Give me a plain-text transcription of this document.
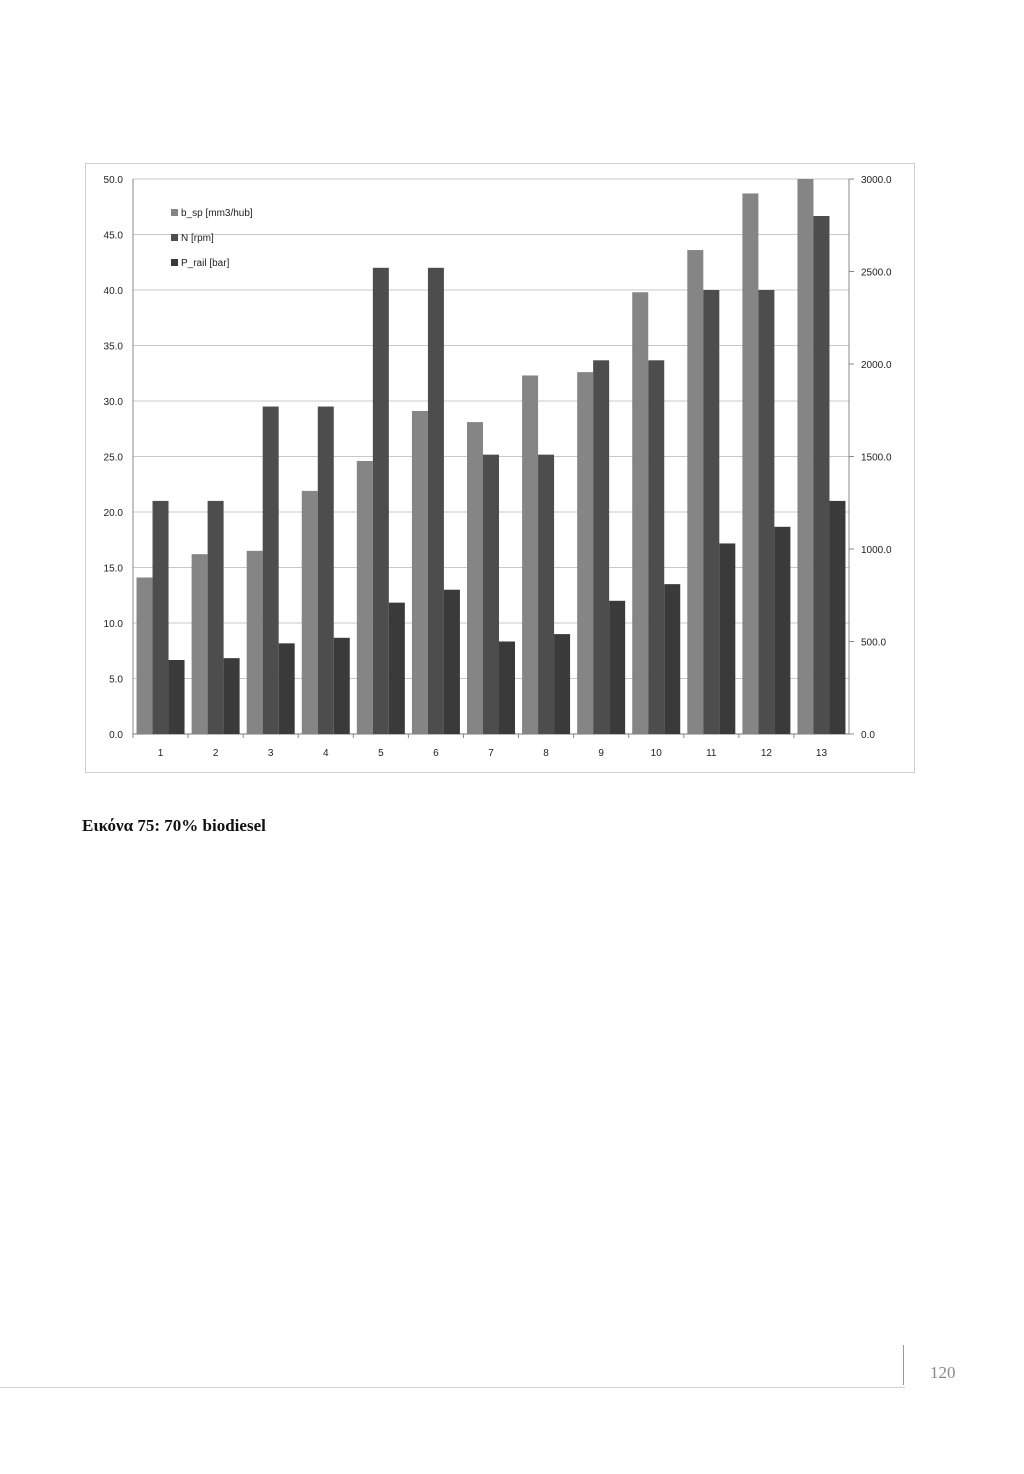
0.0
5.0
10.0
15.0
20.0
25.0
30.0
35.0
40.0
45.0
50.0
0.0
500.0
1000.0
1500.0
2000.0
2500.0
3000.0
1	2	3	4	5	6	7	8	9	10	11	12	13
b_sp [mm3/hub]
N [rpm]
P_rail [bar]
Εικόνα 75: 70% biodiesel
120
